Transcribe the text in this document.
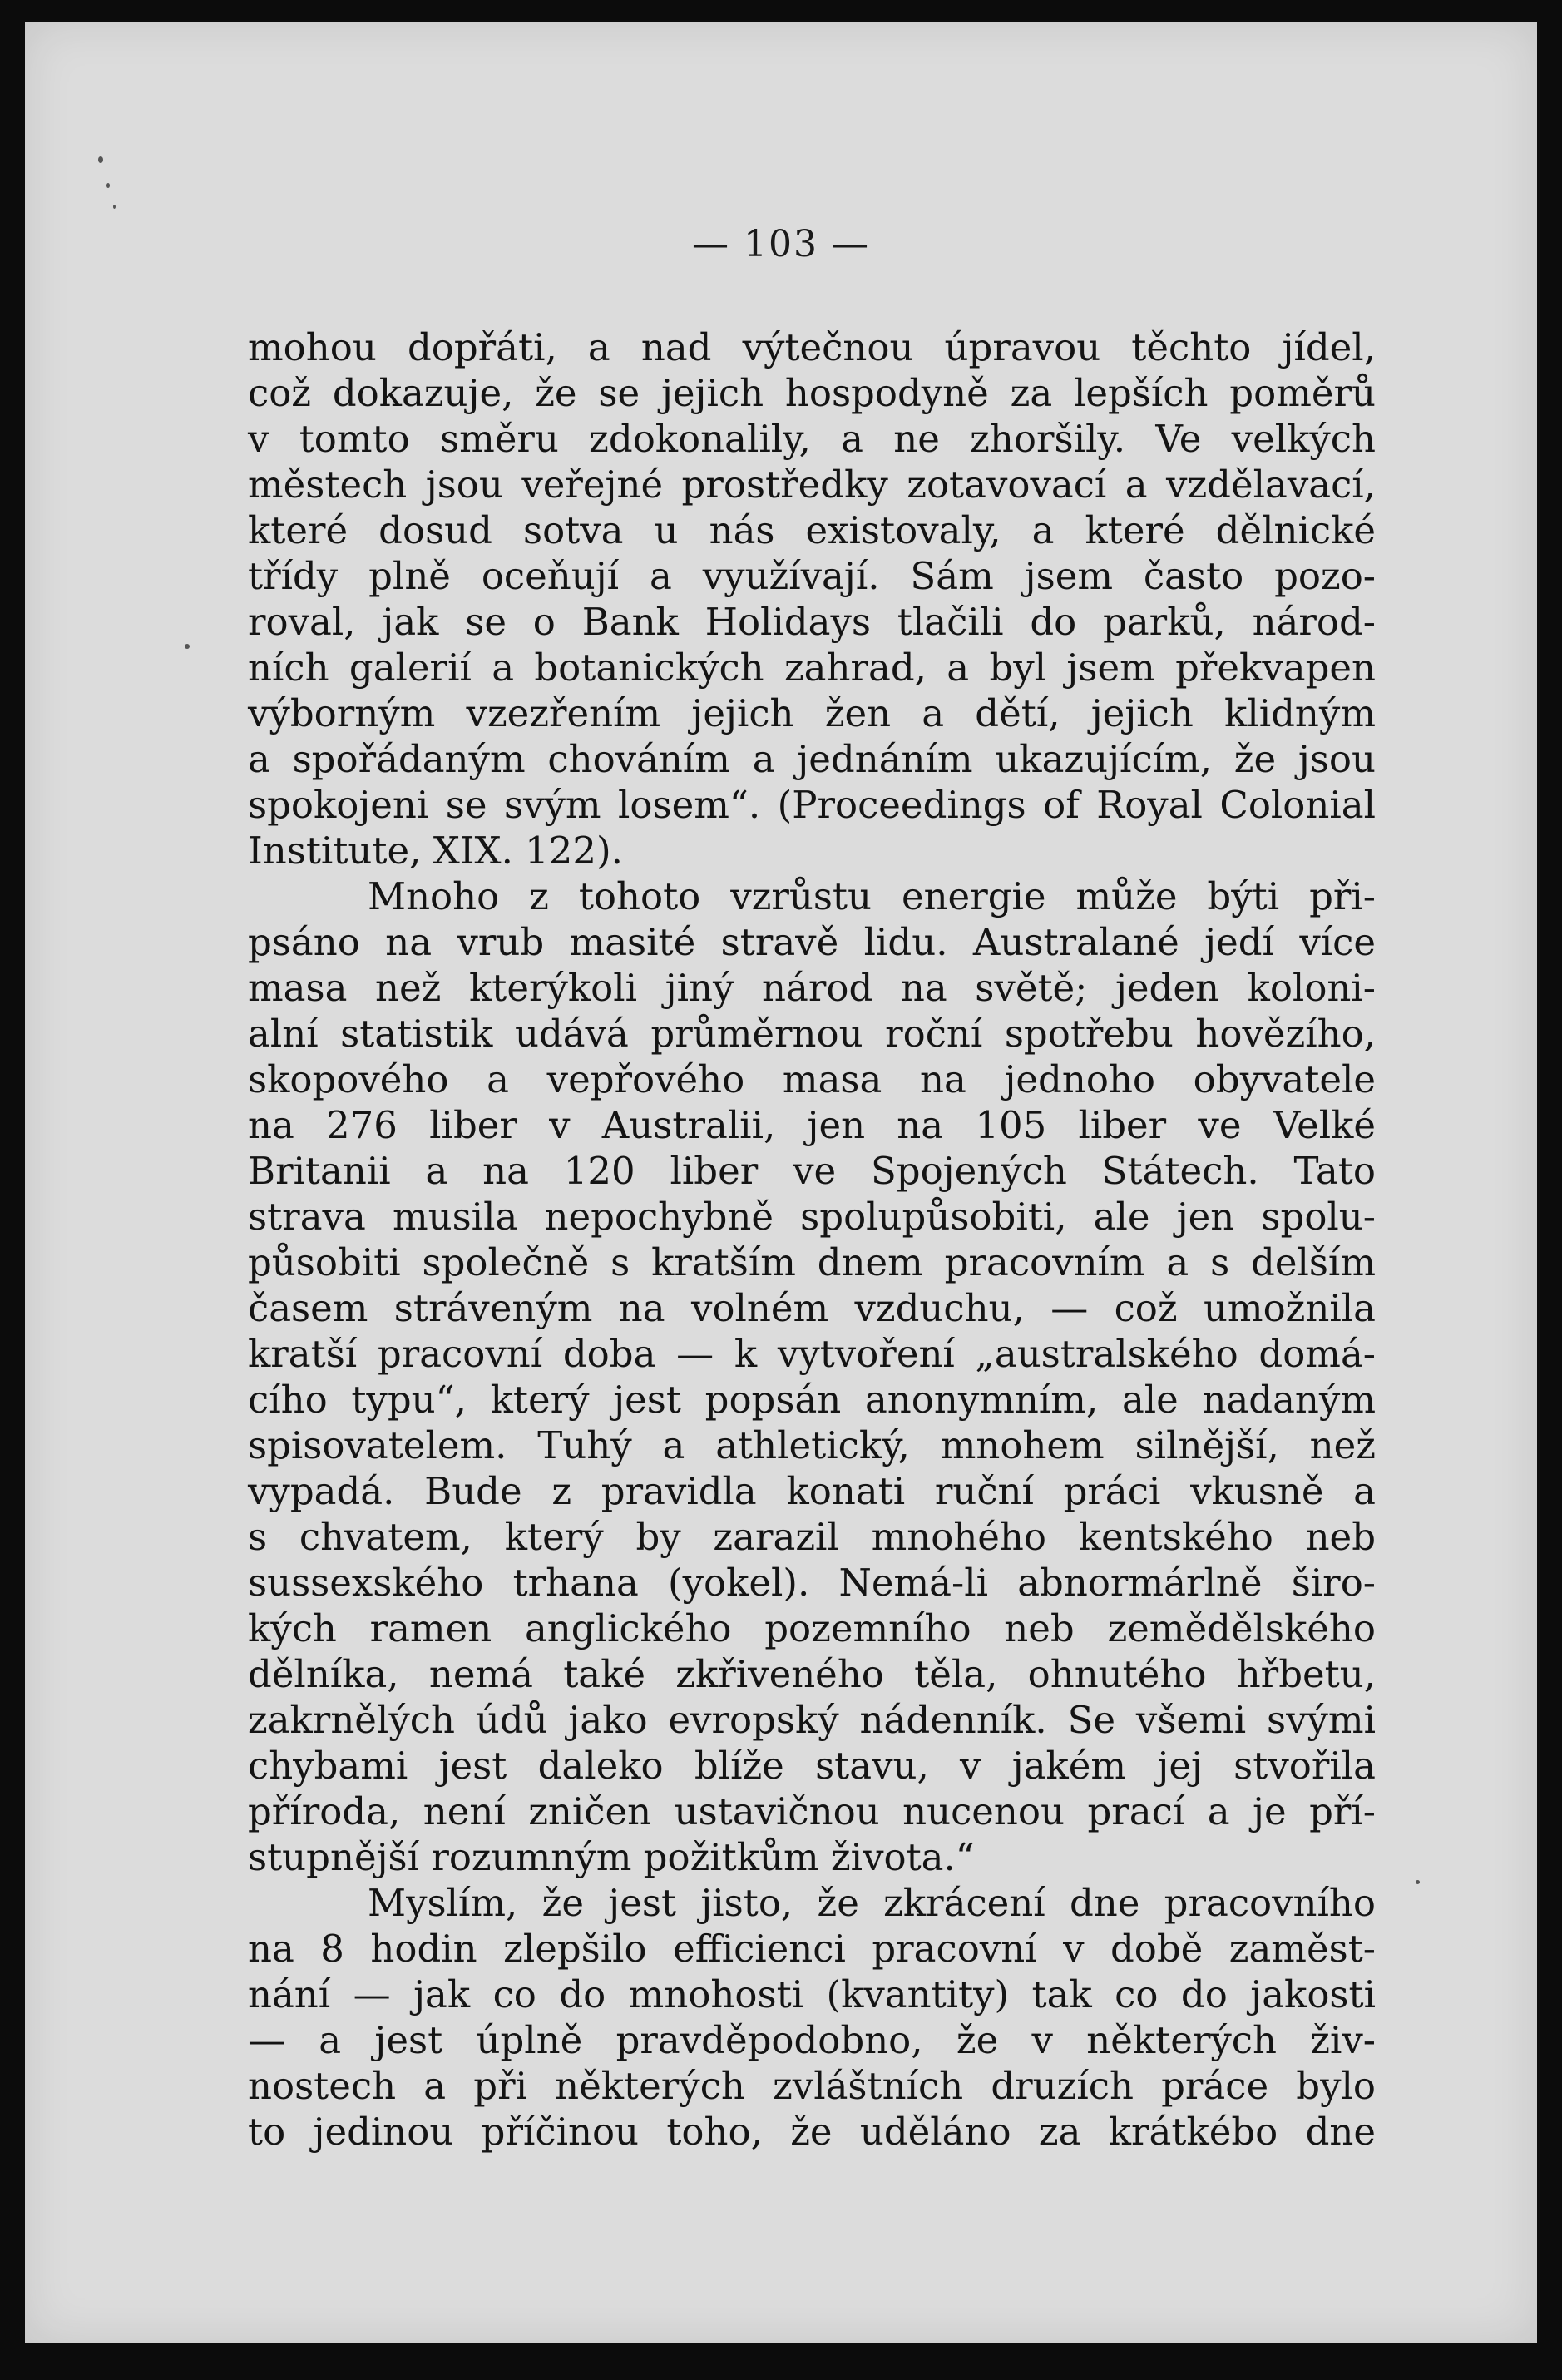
— 103 —
mohou dopřáti, a nad výtečnou úpravou těchto jídel,
což dokazuje, že se jejich hospodyně za lepších poměrů
v tomto směru zdokonalily, a ne zhoršily. Ve velkých
městech jsou veřejné prostředky zotavovací a vzdělavací,
které dosud sotva u nás existovaly, a které dělnické
třídy plně oceňují a využívají. Sám jsem často pozo-
roval, jak se o Bank Holidays tlačili do parků, národ-
ních galerií a botanických zahrad, a byl jsem překvapen
výborným vzezřením jejich žen a dětí, jejich klidným
a spořádaným chováním a jednáním ukazujícím, že jsou
spokojeni se svým losem“. (Proceedings of Royal Colonial
Institute, XIX. 122).
Mnoho z tohoto vzrůstu energie může býti při-
psáno na vrub masité stravě lidu. Australané jedí více
masa než kterýkoli jiný národ na světě; jeden koloni-
alní statistik udává průměrnou roční spotřebu hovězího,
skopového a vepřového masa na jednoho obyvatele
na 276 liber v Australii, jen na 105 liber ve Velké
Britanii a na 120 liber ve Spojených Státech. Tato
strava musila nepochybně spolupůsobiti, ale jen spolu-
působiti společně s kratším dnem pracovním a s delším
časem stráveným na volném vzduchu, — což umožnila
kratší pracovní doba — k vytvoření „australského domá-
cího typu“, který jest popsán anonymním, ale nadaným
spisovatelem. Tuhý a athletický, mnohem silnější, než
vypadá. Bude z pravidla konati ruční práci vkusně a
s chvatem, který by zarazil mnohého kentského neb
sussexského trhana (yokel). Nemá-li abnormárlně širo-
kých ramen anglického pozemního neb zemědělského
dělníka, nemá také zkřiveného těla, ohnutého hřbetu,
zakrnělých údů jako evropský nádenník. Se všemi svými
chybami jest daleko blíže stavu, v jakém jej stvořila
příroda, není zničen ustavičnou nucenou prací a je pří-
stupnější rozumným požitkům života.“
Myslím, že jest jisto, že zkrácení dne pracovního
na 8 hodin zlepšilo efficienci pracovní v době zaměst-
nání — jak co do mnohosti (kvantity) tak co do jakosti
— a jest úplně pravděpodobno, že v některých živ-
nostech a při některých zvláštních druzích práce bylo
to jedinou příčinou toho, že uděláno za krátkébo dne
